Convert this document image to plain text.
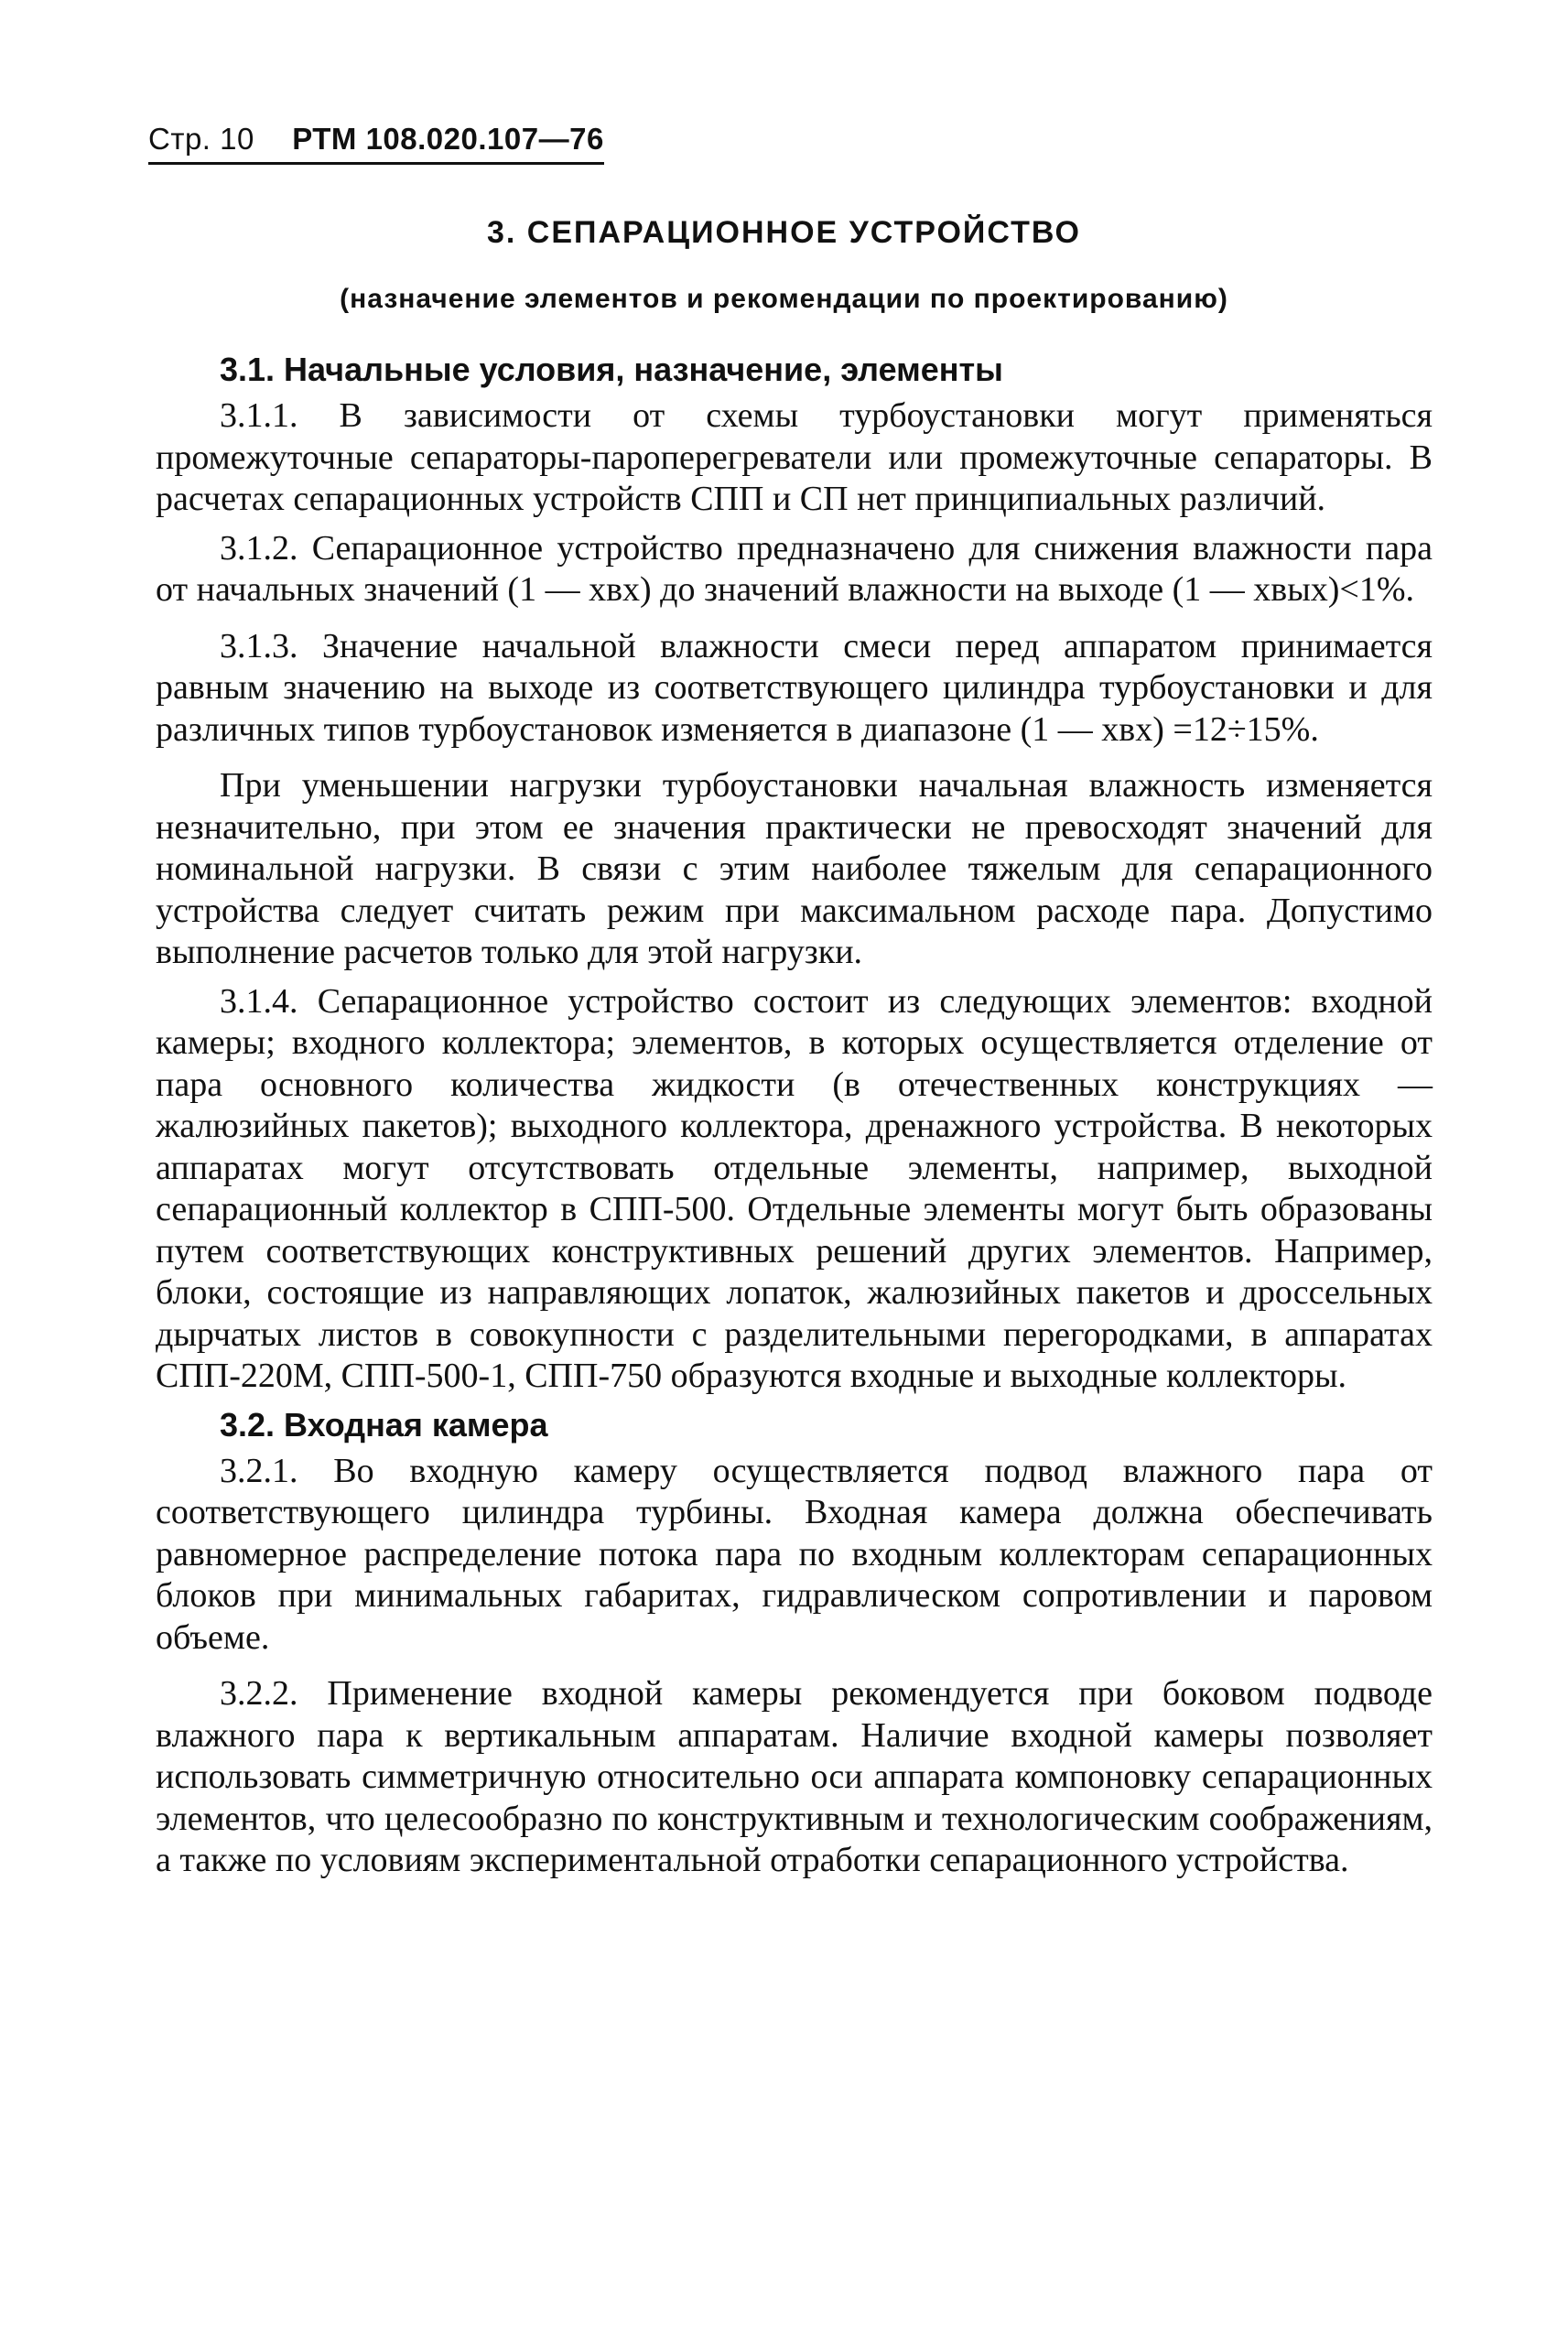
Стр. 10 РТМ 108.020.107—76
3. СЕПАРАЦИОННОЕ УСТРОЙСТВО
(назначение элементов и рекомендации по проектированию)
3.1. Начальные условия, назначение, элементы

3.1.1. В зависимости от схемы турбоустановки могут применяться промежуточные сепараторы-пароперегреватели или промежуточные сепараторы. В расчетах сепарационных устройств СПП и СП нет принципиальных различий.

3.1.2. Сепарационное устройство предназначено для снижения влажности пара от начальных значений (1 — xвх) до значений влажности на выходе (1 — xвых)<1%.

3.1.3. Значение начальной влажности смеси перед аппаратом принимается равным значению на выходе из соответствующего цилиндра турбоустановки и для различных типов турбоустановок изменяется в диапазоне (1 — xвх) =12÷15%.

При уменьшении нагрузки турбоустановки начальная влажность изменяется незначительно, при этом ее значения практически не превосходят значений для номинальной нагрузки. В связи с этим наиболее тяжелым для сепарационного устройства следует считать режим при максимальном расходе пара. Допустимо выполнение расчетов только для этой нагрузки.

3.1.4. Сепарационное устройство состоит из следующих элементов: входной камеры; входного коллектора; элементов, в которых осуществляется отделение от пара основного количества жидкости (в отечественных конструкциях — жалюзийных пакетов); выходного коллектора, дренажного устройства. В некоторых аппаратах могут отсутствовать отдельные элементы, например, выходной сепарационный коллектор в СПП-500. Отдельные элементы могут быть образованы путем соответствующих конструктивных решений других элементов. Например, блоки, состоящие из направляющих лопаток, жалюзийных пакетов и дроссельных дырчатых листов в совокупности с разделительными перегородками, в аппаратах СПП-220М, СПП-500-1, СПП-750 образуются входные и выходные коллекторы.

3.2. Входная камера

3.2.1. Во входную камеру осуществляется подвод влажного пара от соответствующего цилиндра турбины. Входная камера должна обеспечивать равномерное распределение потока пара по входным коллекторам сепарационных блоков при минимальных габаритах, гидравлическом сопротивлении и паровом объеме.

3.2.2. Применение входной камеры рекомендуется при боковом подводе влажного пара к вертикальным аппаратам. Наличие входной камеры позволяет использовать симметричную относительно оси аппарата компоновку сепарационных элементов, что целесообразно по конструктивным и технологическим соображениям, а также по условиям экспериментальной отработки сепарационного устройства.
